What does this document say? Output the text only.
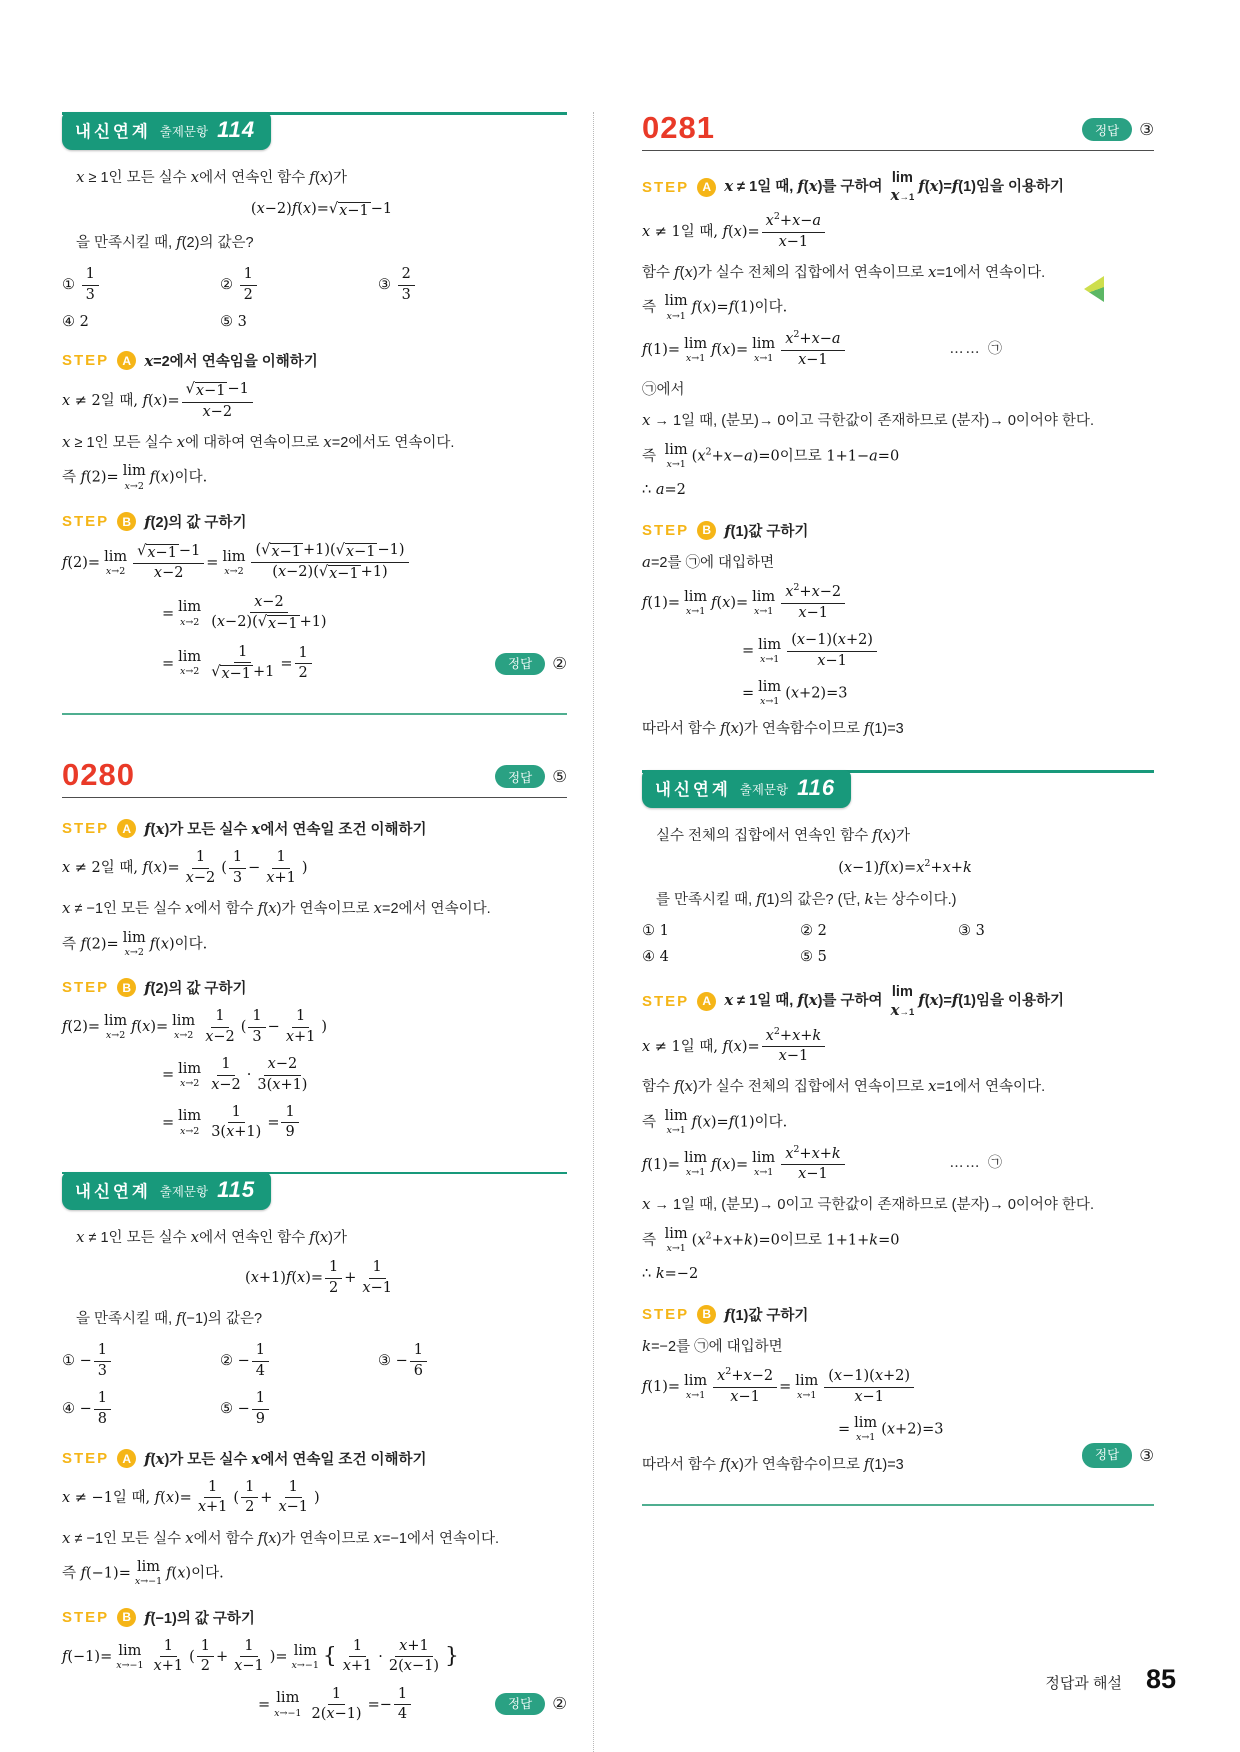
내신연계 출제문항 114
x ≥ 1인 모든 실수 x에서 연속인 함수 f(x)가
(x−2)f(x)= √ x−1 −1
을 만족시킬 때, f(2)의 값은?
① $\frac{1}{3}$	② $\frac{1}{2}$	③ $\frac{2}{3}$
④ 2	⑤ 3
STEP	A x=2에서 연속임을 이해하기
x ≠ 2일 때, $f(x)= \frac{√ x-1 -1}{x-2}$
x ≥ 1인 모든 실수 x에 대하여 연속이므로 x=2에서도 연속이다.
즉 f(2)= lim
x→2
f(x)이다.
STEP	B f(2)의 값 구하기
f(2)= lim
$x\to 2 \frac{√ x-1 -1}{x-2} = \lim$
$x\to 2 \frac{( √ x-1 +1)( √ x-1 -1)}{(x-2)( √ x-1 +1)}$
= lim
$x\to 2 \frac{x-2}{(x-2)( √ x-1 +1)}$
= lim
$x\to 2 \frac{1}{√ x-1 +1} = \frac{1}{2}$	정답	②
0280	정답	⑤
STEP	A f(x)가 모든 실수 x에서 연속일 조건 이해하기
x ≠ 2일 때, $f(x)= \frac{1}{x-2}$ ( $\frac{1}{3} - \frac{1}{x+1}$ )
x ≠ −1인 모든 실수 x에서 함수 f(x)가 연속이므로 x=2에서 연속이다.
즉 f(2)= lim
x→2
f(x)이다.
STEP	B f(2)의 값 구하기
f(2)= lim
x→2
f(x)= lim
$x\to 2 \frac{1}{x-2}$ ( $\frac{1}{3} - \frac{1}{x+1}$ )
= lim
$x\to 2 \frac{1}{x-2} \cdot \frac{x-2}{3(x+1)}$
= lim
$x\to 2 \frac{1}{3(x+1)} = \frac{1}{9}$
내신연계 출제문항 115
x ≠ 1인 모든 실수 x에서 연속인 함수 f(x)가
$(x+1)f(x)= \frac{1}{2} + \frac{1}{x-1}$
을 만족시킬 때, f(−1)의 값은?
① − $\frac{1}{3}$	② − $\frac{1}{4}$	③ − $\frac{1}{6}$
④ − $\frac{1}{8}$	⑤ − $\frac{1}{9}$
STEP	A f(x)가 모든 실수 x에서 연속일 조건 이해하기
x ≠ −1일 때, $f(x)= \frac{1}{x+1}$ ( $\frac{1}{2} + \frac{1}{x-1}$ )
x ≠ −1인 모든 실수 x에서 함수 f(x)가 연속이므로 x=−1에서 연속이다.
즉 f(−1)= lim
x→−1
f(x)이다.
STEP	B f(−1)의 값 구하기
f(−1)= lim
$x\to-1 \frac{1}{x+1}$ ( $\frac{1}{2} + \frac{1}{x-1}$ )= lim
x→−1 { $\frac{1}{x+1} \cdot \frac{x+1}{2(x-1)}$ }
= lim
$x\to-1 \frac{1}{2(x-1)} =- \frac{1}{4}$	정답	②
0281	정답	③
STEP	A x ≠ 1일 때, f(x)를 구하여
lim
x→1
f(x)=f(1)임을 이용하기
x ≠ 1일 때, $f(x)= \frac{x^2+x-a}{x-1}$
함수 f(x)가 실수 전체의 집합에서 연속이므로 x=1에서 연속이다.
즉 lim
x→1
f(x)=f(1)이다.
f(1)= lim
x→1
f(x)= lim
$x\to 1 \frac{x^2+x-a}{x-1}$	…… ㉠
㉠에서
x → 1일 때, (분모)→ 0이고 극한값이 존재하므로 (분자)→ 0이어야 한다.
즉 lim
x→1
$(x^2+x-a)=0$이므로 1+1−a=0
∴ a=2
STEP	B f(1)값 구하기
a=2를 ㉠에 대입하면
f(1)= lim
x→1
f(x)= lim
$x\to 1 \frac{x^2+x-2}{x-1}$
= lim
$x\to 1 \frac{(x-1)(x+2)}{x-1}$
= lim
x→1
(x+2)=3
따라서 함수 f(x)가 연속함수이므로 f(1)=3
내신연계 출제문항 116
실수 전체의 집합에서 연속인 함수 f(x)가
$(x-1)f(x)=x^2+x+k$
를 만족시킬 때, f(1)의 값은? (단, k는 상수이다.)
① 1	② 2	③ 3
④ 4	⑤ 5
STEP	A x ≠ 1일 때, f(x)를 구하여
lim
x→1
f(x)=f(1)임을 이용하기
x ≠ 1일 때, $f(x)= \frac{x^2+x+k}{x-1}$
함수 f(x)가 실수 전체의 집합에서 연속이므로 x=1에서 연속이다.
즉 lim
x→1
f(x)=f(1)이다.
f(1)= lim
x→1
f(x)= lim
$x\to 1 \frac{x^2+x+k}{x-1}$	…… ㉠
x → 1일 때, (분모)→ 0이고 극한값이 존재하므로 (분자)→ 0이어야 한다.
즉 lim
x→1
$(x^2+x+k)=0$이므로 1+1+k=0
∴ k=−2
STEP	B f(1)값 구하기
k=−2를 ㉠에 대입하면
f(1)= lim
$x\to 1 \frac{x^2+x-2}{x-1} = \lim$
$x\to 1 \frac{(x-1)(x+2)}{x-1}$
= lim
x→1
(x+2)=3
따라서 함수 f(x)가 연속함수이므로 f(1)=3
정답	③
정답과 해설 85
